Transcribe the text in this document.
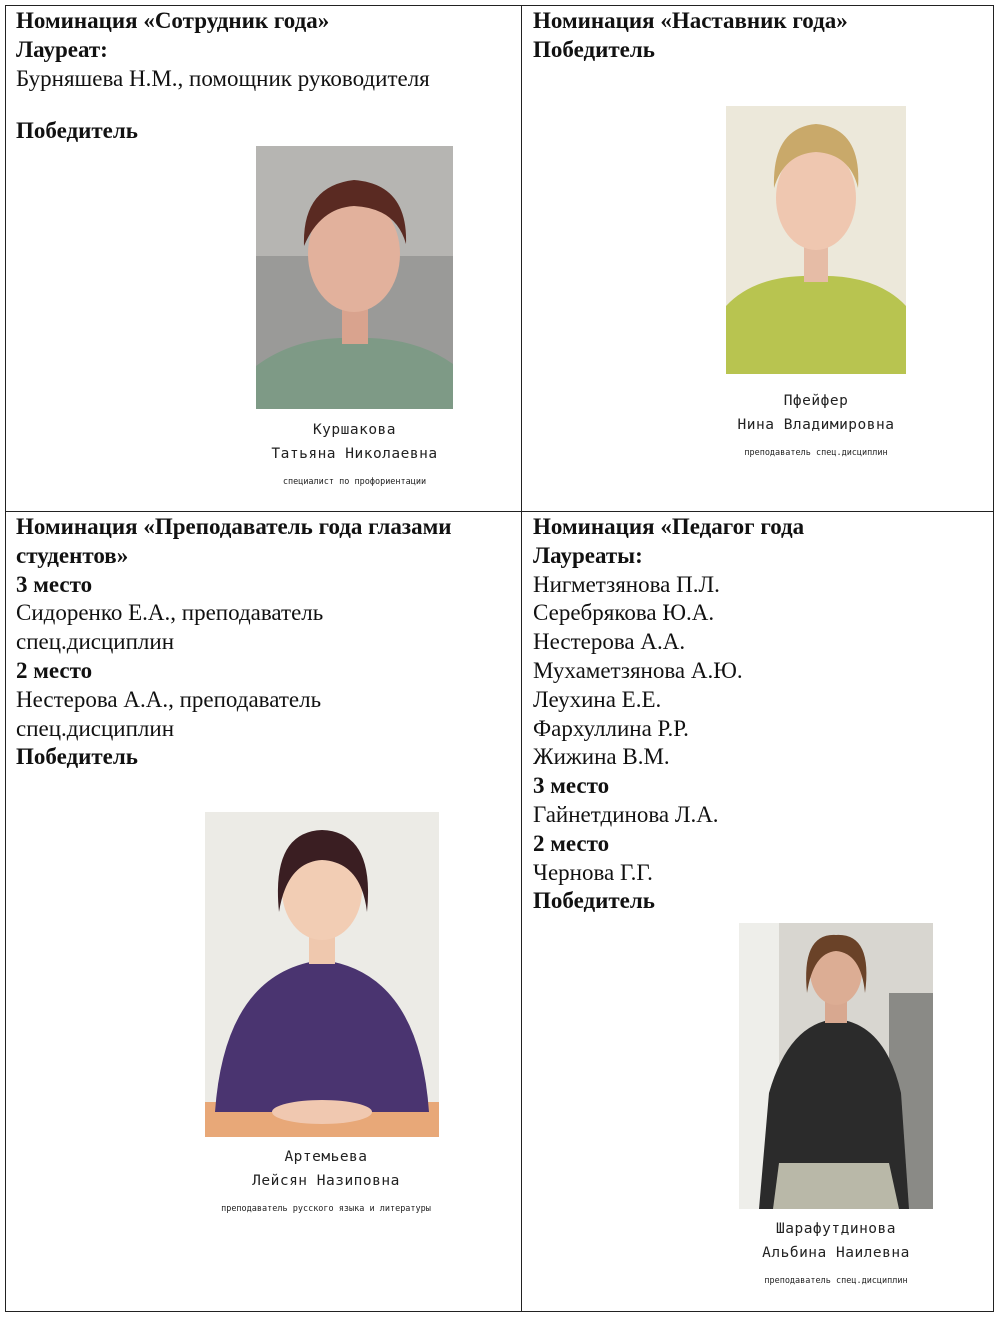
Номинация «Сотрудник года»
Лауреат:
Бурняшева Н.М., помощник руководителя
Победитель
Куршакова
Татьяна Николаевна
специалист по профориентации
Номинация «Наставник года»
Победитель
Пфейфер
Нина Владимировна
преподаватель спец.дисциплин
Номинация «Преподаватель года глазами
студентов»
3 место
Сидоренко Е.А., преподаватель
спец.дисциплин
2 место
Нестерова А.А., преподаватель
спец.дисциплин
Победитель
Артемьева
Лейсян Назиповна
преподаватель русского языка и литературы
Номинация «Педагог года
Лауреаты:
Нигметзянова П.Л.
Серебрякова Ю.А.
Нестерова А.А.
Мухаметзянова А.Ю.
Леухина Е.Е.
Фархуллина Р.Р.
Жижина В.М.
3 место
Гайнетдинова Л.А.
2 место
Чернова Г.Г.
Победитель
Шарафутдинова
Альбина Наилевна
преподаватель спец.дисциплин
